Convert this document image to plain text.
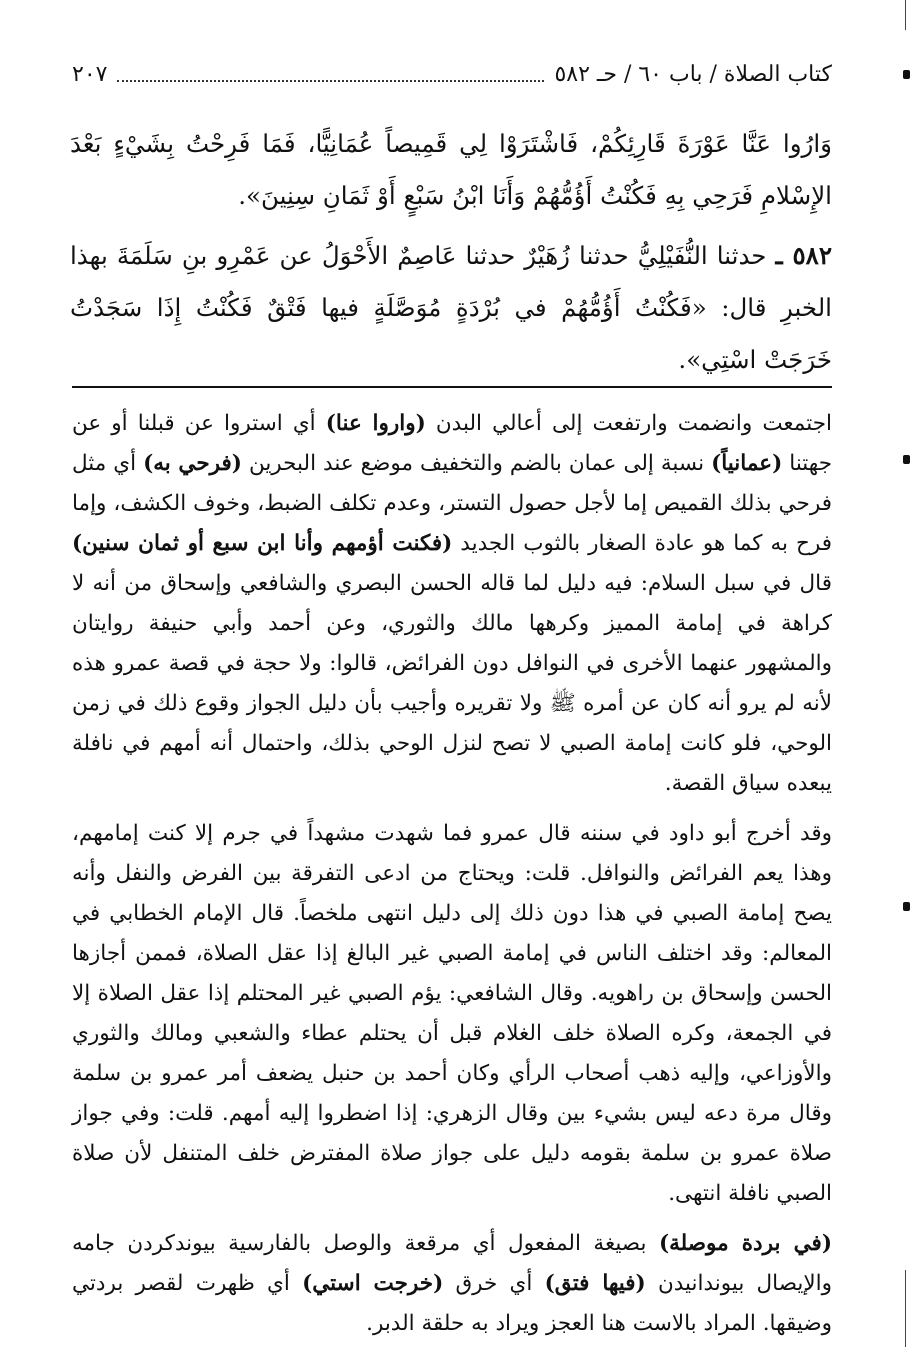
كتاب الصلاة / باب ٦٠ / حـ ٥٨٢
٢٠٧

وَارُوا عَنَّا عَوْرَةَ قَارِئِكُمْ، فَاشْتَرَوْا لِي قَمِيصاً عُمَانِيًّا، فَمَا فَرِحْتُ بِشَيْءٍ بَعْدَ الإِسْلامِ فَرَحِي بِهِ فَكُنْتُ أَؤُمُّهُمْ وَأَنَا ابْنُ سَبْعٍ أَوْ ثَمَانِ سِنِينَ».

٥٨٢ ـ حدثنا النُّفَيْلِيُّ حدثنا زُهَيْرٌ حدثنا عَاصِمٌ الأَحْوَلُ عن عَمْرِو بنِ سَلَمَةَ بهذا الخبرِ قال: «فَكُنْتُ أَؤُمُّهُمْ في بُرْدَةٍ مُوَصَّلَةٍ فيها فَتْقٌ فَكُنْتُ إِذَا سَجَدْتُ خَرَجَتْ اسْتِي».

اجتمعت وانضمت وارتفعت إلى أعالي البدن (واروا عنا) أي استروا عن قبلنا أو عن جهتنا (عمانياً) نسبة إلى عمان بالضم والتخفيف موضع عند البحرين (فرحي به) أي مثل فرحي بذلك القميص إما لأجل حصول التستر، وعدم تكلف الضبط، وخوف الكشف، وإما فرح به كما هو عادة الصغار بالثوب الجديد (فكنت أؤمهم وأنا ابن سبع أو ثمان سنين) قال في سبل السلام: فيه دليل لما قاله الحسن البصري والشافعي وإسحاق من أنه لا كراهة في إمامة المميز وكرهها مالك والثوري، وعن أحمد وأبي حنيفة روايتان والمشهور عنهما الأخرى في النوافل دون الفرائض، قالوا: ولا حجة في قصة عمرو هذه لأنه لم يرو أنه كان عن أمره ﷺ ولا تقريره وأجيب بأن دليل الجواز وقوع ذلك في زمن الوحي، فلو كانت إمامة الصبي لا تصح لنزل الوحي بذلك، واحتمال أنه أمهم في نافلة يبعده سياق القصة.

وقد أخرج أبو داود في سننه قال عمرو فما شهدت مشهداً في جرم إلا كنت إمامهم، وهذا يعم الفرائض والنوافل. قلت: ويحتاج من ادعى التفرقة بين الفرض والنفل وأنه يصح إمامة الصبي في هذا دون ذلك إلى دليل انتهى ملخصاً. قال الإمام الخطابي في المعالم: وقد اختلف الناس في إمامة الصبي غير البالغ إذا عقل الصلاة، فممن أجازها الحسن وإسحاق بن راهويه. وقال الشافعي: يؤم الصبي غير المحتلم إذا عقل الصلاة إلا في الجمعة، وكره الصلاة خلف الغلام قبل أن يحتلم عطاء والشعبي ومالك والثوري والأوزاعي، وإليه ذهب أصحاب الرأي وكان أحمد بن حنبل يضعف أمر عمرو بن سلمة وقال مرة دعه ليس بشيء بين وقال الزهري: إذا اضطروا إليه أمهم. قلت: وفي جواز صلاة عمرو بن سلمة بقومه دليل على جواز صلاة المفترض خلف المتنفل لأن صلاة الصبي نافلة انتهى.

(في بردة موصلة) بصيغة المفعول أي مرقعة والوصل بالفارسية بيوندكردن جامه والإيصال بيوندانيدن (فيها فتق) أي خرق (خرجت استي) أي ظهرت لقصر بردتي وضيقها. المراد بالاست هنا العجز ويراد به حلقة الدبر.
